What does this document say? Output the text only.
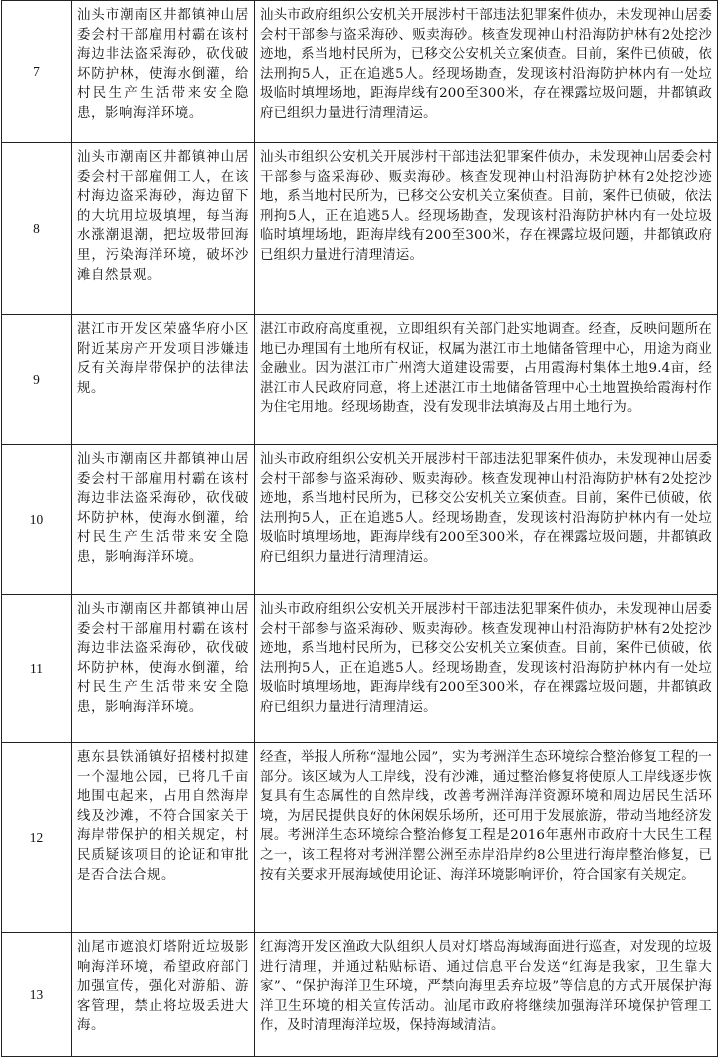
7	汕头市潮南区井都镇神山居委会村干部雇用村霸在该村海边非法盗采海砂，砍伐破坏防护林，使海水倒灌，给村民生产生活带来安全隐患，影响海洋环境。	汕头市政府组织公安机关开展涉村干部违法犯罪案件侦办，未发现神山居委会村干部参与盗采海砂、贩卖海砂。核查发现神山村沿海防护林有2处挖沙迹地，系当地村民所为，已移交公安机关立案侦查。目前，案件已侦破，依法刑拘5人，正在追逃5人。经现场勘查，发现该村沿海防护林内有一处垃圾临时填埋场地，距海岸线有200至300米，存在裸露垃圾问题，井都镇政府已组织力量进行清理清运。
8	汕头市潮南区井都镇神山居委会村干部雇佣工人，在该村海边盗采海砂，海边留下的大坑用垃圾填埋，每当海水涨潮退潮，把垃圾带回海里，污染海洋环境，破坏沙滩自然景观。	汕头市组织公安机关开展涉村干部违法犯罪案件侦办，未发现神山居委会村干部参与盗采海砂、贩卖海砂。核查发现神山村沿海防护林有2处挖沙迹地，系当地村民所为，已移交公安机关立案侦查。目前，案件已侦破，依法刑拘5人，正在追逃5人。经现场勘查，发现该村沿海防护林内有一处垃圾临时填埋场地，距海岸线有200至300米，存在裸露垃圾问题，井都镇政府已组织力量进行清理清运。
9	湛江市开发区荣盛华府小区附近某房产开发项目涉嫌违反有关海岸带保护的法律法规。	湛江市政府高度重视，立即组织有关部门赴实地调查。经查，反映问题所在地已办理国有土地所有权证，权属为湛江市土地储备管理中心，用途为商业金融业。因为湛江市广州湾大道建设需要，占用霞海村集体土地9.4亩，经湛江市人民政府同意，将上述湛江市土地储备管理中心土地置换给霞海村作为住宅用地。经现场勘查，没有发现非法填海及占用土地行为。
10	汕头市潮南区井都镇神山居委会村干部雇用村霸在该村海边非法盗采海砂，砍伐破坏防护林，使海水倒灌，给村民生产生活带来安全隐患，影响海洋环境。	汕头市政府组织公安机关开展涉村干部违法犯罪案件侦办，未发现神山居委会村干部参与盗采海砂、贩卖海砂。核查发现神山村沿海防护林有2处挖沙迹地，系当地村民所为，已移交公安机关立案侦查。目前，案件已侦破，依法刑拘5人，正在追逃5人。经现场勘查，发现该村沿海防护林内有一处垃圾临时填埋场地，距海岸线有200至300米，存在裸露垃圾问题，井都镇政府已组织力量进行清理清运。
11	汕头市潮南区井都镇神山居委会村干部雇用村霸在该村海边非法盗采海砂，砍伐破坏防护林，使海水倒灌，给村民生产生活带来安全隐患，影响海洋环境。	汕头市政府组织公安机关开展涉村干部违法犯罪案件侦办，未发现神山居委会村干部参与盗采海砂、贩卖海砂。核查发现神山村沿海防护林有2处挖沙迹地，系当地村民所为，已移交公安机关立案侦查。目前，案件已侦破，依法刑拘5人，正在追逃5人。经现场勘查，发现该村沿海防护林内有一处垃圾临时填埋场地，距海岸线有200至300米，存在裸露垃圾问题，井都镇政府已组织力量进行清理清运。
12	惠东县铁涌镇好招楼村拟建一个湿地公园，已将几千亩地围屯起来，占用自然海岸线及沙滩，不符合国家关于海岸带保护的相关规定，村民质疑该项目的论证和审批是否合法合规。	经查，举报人所称“湿地公园”，实为考洲洋生态环境综合整治修复工程的一部分。该区域为人工岸线，没有沙滩，通过整治修复将使原人工岸线逐步恢复具有生态属性的自然岸线，改善考洲洋海洋资源环境和周边居民生活环境，为居民提供良好的休闲娱乐场所，还可用于发展旅游，带动当地经济发展。考洲洋生态环境综合整治修复工程是2016年惠州市政府十大民生工程之一，该工程将对考洲洋罂公洲至赤岸沿岸约8公里进行海岸整治修复，已按有关要求开展海域使用论证、海洋环境影响评价，符合国家有关规定。
13	汕尾市遮浪灯塔附近垃圾影响海洋环境，希望政府部门加强宣传，强化对游船、游客管理，禁止将垃圾丢进大海。	红海湾开发区渔政大队组织人员对灯塔岛海域海面进行巡查，对发现的垃圾进行清理，并通过粘贴标语、通过信息平台发送“红海是我家，卫生靠大家”、“保护海洋卫生环境，严禁向海里丢弃垃圾”等信息的方式开展保护海洋卫生环境的相关宣传活动。汕尾市政府将继续加强海洋环境保护管理工作，及时清理海洋垃圾，保持海域清洁。
